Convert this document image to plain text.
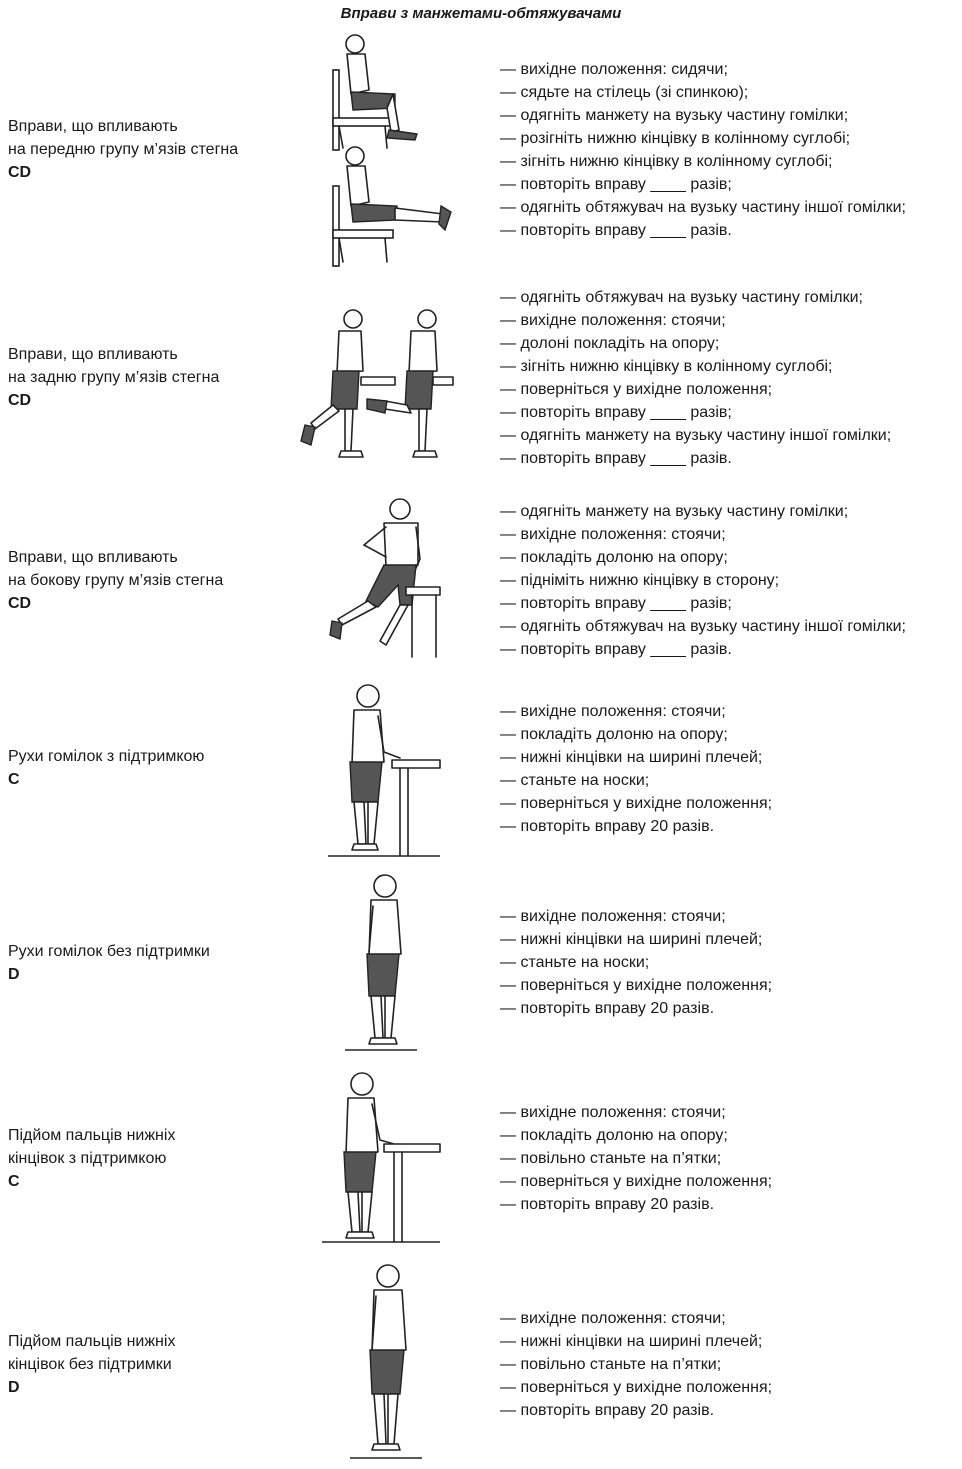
Вправи з манжетами-обтяжувачами
Вправи, що впливають
на передню групу м’язів стегна
CD
— вихідне положення: сидячи;
— сядьте на стілець (зі спинкою);
— одягніть манжету на вузьку частину гомілки;
— розігніть нижню кінцівку в колінному суглобі;
— зігніть нижню кінцівку в колінному суглобі;
— повторіть вправу ____ разів;
— одягніть обтяжувач на вузьку частину іншої гомілки;
— повторіть вправу ____ разів.
Вправи, що впливають
на задню групу м’язів стегна
CD
— одягніть обтяжувач на вузьку частину гомілки;
— вихідне положення: стоячи;
— долоні покладіть на опору;
— зігніть нижню кінцівку в колінному суглобі;
— поверніться у вихідне положення;
— повторіть вправу ____ разів;
— одягніть манжету на вузьку частину іншої гомілки;
— повторіть вправу ____ разів.
Вправи, що впливають
на бокову групу м’язів стегна
CD
— одягніть манжету на вузьку частину гомілки;
— вихідне положення: стоячи;
— покладіть долоню на опору;
— підніміть нижню кінцівку в сторону;
— повторіть вправу ____ разів;
— одягніть обтяжувач на вузьку частину іншої гомілки;
— повторіть вправу ____ разів.
Рухи гомілок з підтримкою
C
— вихідне положення: стоячи;
— покладіть долоню на опору;
— нижні кінцівки на ширині плечей;
— станьте на носки;
— поверніться у вихідне положення;
— повторіть вправу 20 разів.
Рухи гомілок без підтримки
D
— вихідне положення: стоячи;
— нижні кінцівки на ширині плечей;
— станьте на носки;
— поверніться у вихідне положення;
— повторіть вправу 20 разів.
Підйом пальців нижніх
кінцівок з підтримкою
C
— вихідне положення: стоячи;
— покладіть долоню на опору;
— повільно станьте на п’ятки;
— поверніться у вихідне положення;
— повторіть вправу 20 разів.
Підйом пальців нижніх
кінцівок без підтримки
D
— вихідне положення: стоячи;
— нижні кінцівки на ширині плечей;
— повільно станьте на п’ятки;
— поверніться у вихідне положення;
— повторіть вправу 20 разів.
